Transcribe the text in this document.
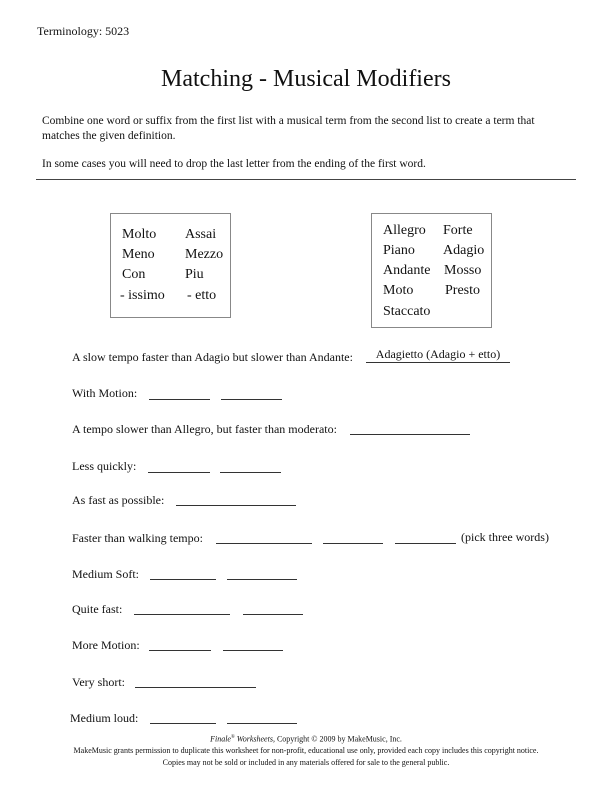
Terminology: 5023
Matching - Musical Modifiers
Combine one word or suffix from the first list with a musical term from the second list to create a term that
matches the given definition.
In some cases you will need to drop the last letter from the ending of the first word.
Molto Assai
Meno Mezzo
Con	Piu
- issimo - etto
Allegro Forte
Piano Adagio
Andante Mosso
Moto Presto
Staccato
A slow tempo faster than Adagio but slower than Andante:	Adagietto (Adagio + etto)
With Motion:
A tempo slower than Allegro, but faster than moderato:
Less quickly:
As fast as possible:
Faster than walking tempo:	(pick three words)
Medium Soft:
Quite fast:
More Motion:
Very short:
Medium loud:
Finale® Worksheets, Copyright © 2009 by MakeMusic, Inc.
MakeMusic grants permission to duplicate this worksheet for non-profit, educational use only, provided each copy includes this copyright notice.
Copies may not be sold or included in any materials offered for sale to the general public.
